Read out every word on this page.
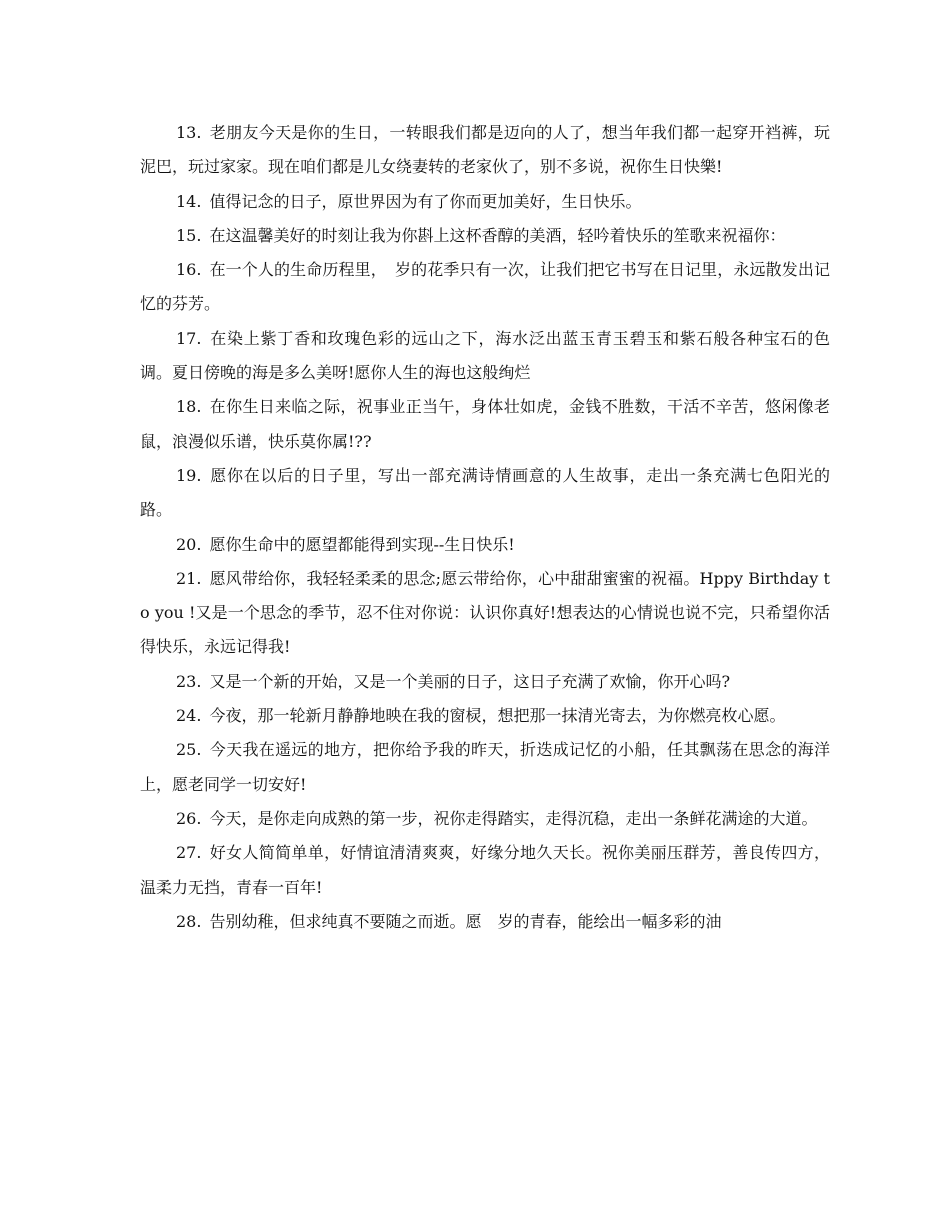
13. 老朋友今天是你的生日，一转眼我们都是迈向的人了，想当年我们都一起穿开裆裤，玩泥巴，玩过家家。现在咱们都是儿女绕妻转的老家伙了，别不多说，祝你生日快樂!

14. 值得记念的日子，原世界因为有了你而更加美好，生日快乐。

15. 在这温馨美好的时刻让我为你斟上这杯香醇的美酒，轻吟着快乐的笙歌来祝福你：

16. 在一个人的生命历程里，　岁的花季只有一次，让我们把它书写在日记里，永远散发出记忆的芬芳。

17. 在染上紫丁香和玫瑰色彩的远山之下，海水泛出蓝玉青玉碧玉和紫石般各种宝石的色调。夏日傍晚的海是多么美呀!愿你人生的海也这般绚烂

18. 在你生日来临之际，祝事业正当午，身体壮如虎，金钱不胜数，干活不辛苦，悠闲像老鼠，浪漫似乐谱，快乐莫你属!??

19. 愿你在以后的日子里，写出一部充满诗情画意的人生故事，走出一条充满七色阳光的路。

20. 愿你生命中的愿望都能得到实现--生日快乐!

21. 愿风带给你，我轻轻柔柔的思念;愿云带给你，心中甜甜蜜蜜的祝福。Hppy Birthday to you !又是一个思念的季节，忍不住对你说：认识你真好!想表达的心情说也说不完，只希望你活得快乐，永远记得我!

23. 又是一个新的开始，又是一个美丽的日子，这日子充满了欢愉，你开心吗?

24. 今夜，那一轮新月静静地映在我的窗棂，想把那一抹清光寄去，为你燃亮枚心愿。

25. 今天我在遥远的地方，把你给予我的昨天，折迭成记忆的小船，任其飘荡在思念的海洋上，愿老同学一切安好!

26. 今天，是你走向成熟的第一步，祝你走得踏实，走得沉稳，走出一条鲜花满途的大道。

27. 好女人简简单单，好情谊清清爽爽，好缘分地久天长。祝你美丽压群芳，善良传四方，温柔力无挡，青春一百年!

28. 告别幼稚，但求纯真不要随之而逝。愿　岁的青春，能绘出一幅多彩的油
